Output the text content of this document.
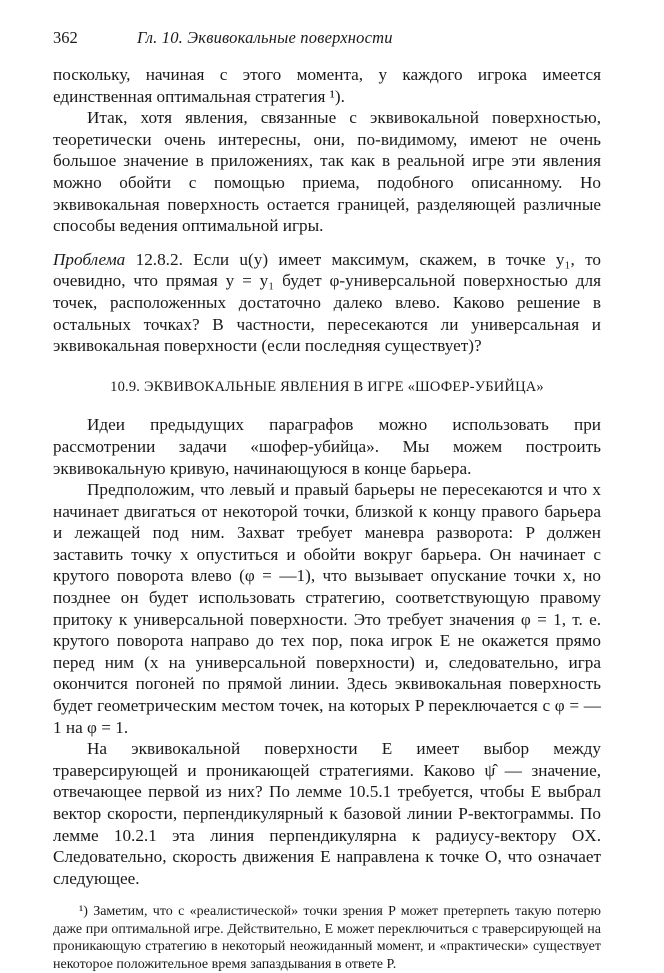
362	Гл. 10. Эквивокальные поверхности

поскольку, начиная с этого момента, у каждого игрока имеется единственная оптимальная стратегия ¹).

Итак, хотя явления, связанные с эквивокальной поверхностью, теоретически очень интересны, они, по-видимому, имеют не очень большое значение в приложениях, так как в реальной игре эти явления можно обойти с помощью приема, подобного описанному. Но эквивокальная поверхность остается границей, разделяющей различные способы ведения оптимальной игры.

Проблема 12.8.2. Если u(y) имеет максимум, скажем, в точке y₁, то очевидно, что прямая y = y₁ будет φ-универсальной поверхностью для точек, расположенных достаточно далеко влево. Каково решение в остальных точках? В частности, пересекаются ли универсальная и эквивокальная поверхности (если последняя существует)?

10.9. ЭКВИВОКАЛЬНЫЕ ЯВЛЕНИЯ В ИГРЕ «ШОФЕР-УБИЙЦА»

Идеи предыдущих параграфов можно использовать при рассмотрении задачи «шофер-убийца». Мы можем построить эквивокальную кривую, начинающуюся в конце барьера.

Предположим, что левый и правый барьеры не пересекаются и что x начинает двигаться от некоторой точки, близкой к концу правого барьера и лежащей под ним. Захват требует маневра разворота: P должен заставить точку x опуститься и обойти вокруг барьера. Он начинает с крутого поворота влево (φ = —1), что вызывает опускание точки x, но позднее он будет использовать стратегию, соответствующую правому притоку к универсальной поверхности. Это требует значения φ = 1, т. е. крутого поворота направо до тех пор, пока игрок E не окажется прямо перед ним (x на универсальной поверхности) и, следовательно, игра окончится погоней по прямой линии. Здесь эквивокальная поверхность будет геометрическим местом точек, на которых P переключается с φ = —1 на φ = 1.

На эквивокальной поверхности E имеет выбор между траверсирующей и проникающей стратегиями. Каково ψ̂ — значение, отвечающее первой из них? По лемме 10.5.1 требуется, чтобы E выбрал вектор скорости, перпендикулярный к базовой линии P-вектограммы. По лемме 10.2.1 эта линия перпендикулярна к радиусу-вектору OX. Следовательно, скорость движения E направлена к точке O, что означает следующее.

¹) Заметим, что с «реалистической» точки зрения P может претерпеть такую потерю даже при оптимальной игре. Действительно, E может переключиться с траверсирующей на проникающую стратегию в некоторый неожиданный момент, и «практически» существует некоторое положительное время запаздывания в ответе P.
